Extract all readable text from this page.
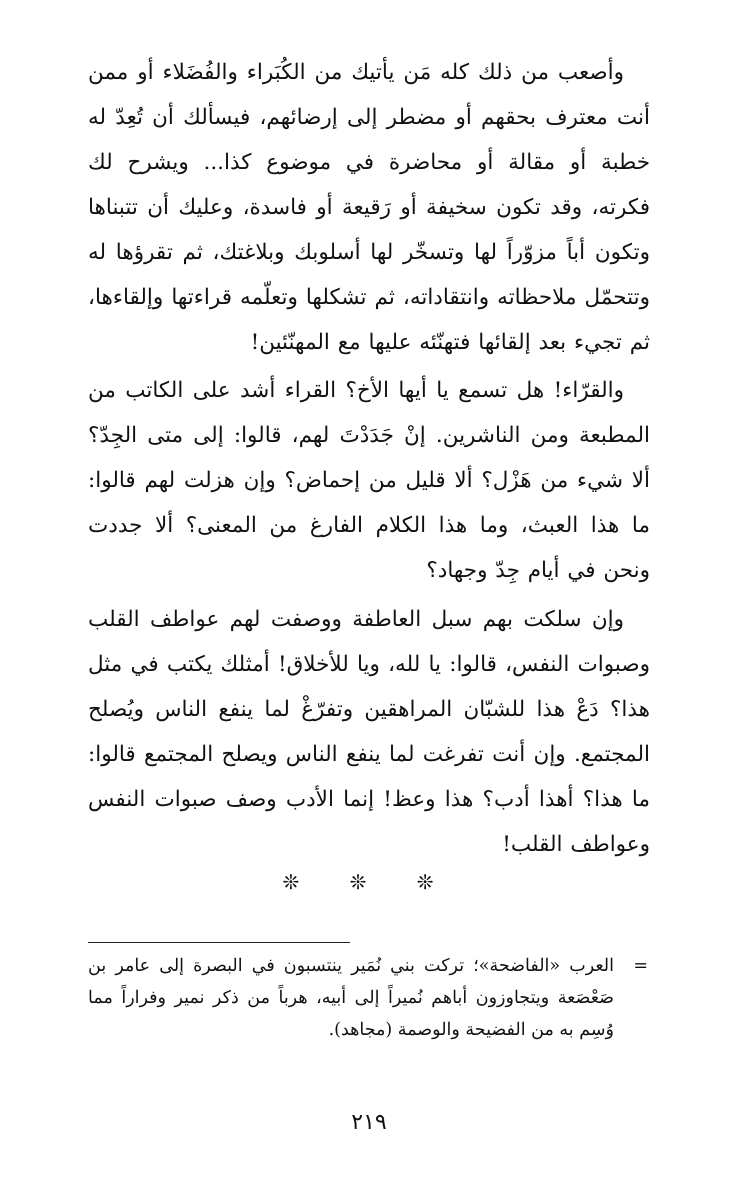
وأصعب من ذلك كله مَن يأتيك من الكُبَراء والفُضَلاء أو ممن أنت معترف بحقهم أو مضطر إلى إرضائهم، فيسألك أن تُعِدّ له خطبة أو مقالة أو محاضرة في موضوع كذا... ويشرح لك فكرته، وقد تكون سخيفة أو رَقيعة أو فاسدة، وعليك أن تتبناها وتكون أباً مزوّراً لها وتسخّر لها أسلوبك وبلاغتك، ثم تقرؤها له وتتحمّل ملاحظاته وانتقاداته، ثم تشكلها وتعلّمه قراءتها وإلقاءها، ثم تجيء بعد إلقائها فتهنّئه عليها مع المهنّئين!

والقرّاء! هل تسمع يا أيها الأخ؟ القراء أشد على الكاتب من المطبعة ومن الناشرين. إنْ جَدَدْتَ لهم، قالوا: إلى متى الجِدّ؟ ألا شيء من هَزْل؟ ألا قليل من إحماض؟ وإن هزلت لهم قالوا: ما هذا العبث، وما هذا الكلام الفارغ من المعنى؟ ألا جددت ونحن في أيام جِدّ وجهاد؟

وإن سلكت بهم سبل العاطفة ووصفت لهم عواطف القلب وصبوات النفس، قالوا: يا لله، ويا للأخلاق! أمثلك يكتب في مثل هذا؟ دَعْ هذا للشبّان المراهقين وتفرّغْ لما ينفع الناس ويُصلح المجتمع. وإن أنت تفرغت لما ينفع الناس ويصلح المجتمع قالوا: ما هذا؟ أهذا أدب؟ هذا وعظ! إنما الأدب وصف صبوات النفس وعواطف القلب!

❊ ❊ ❊
=
العرب «الفاضحة»؛ تركت بني نُمَير ينتسبون في البصرة إلى عامر بن صَعْصَعة ويتجاوزون أباهم نُميراً إلى أبيه، هرباً من ذكر نمير وفراراً مما وُسِم به من الفضيحة والوصمة (مجاهد).
٢١٩
